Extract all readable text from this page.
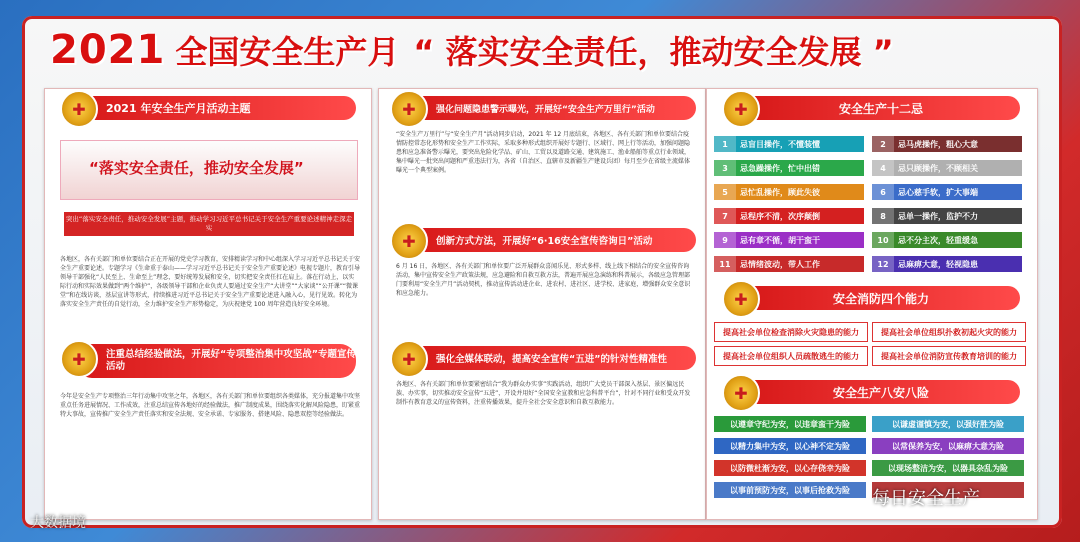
2021 全国安全生产月 “ 落实安全责任，推动安全发展 ”
2021 年安全生产月活动主题
✚
“落实安全责任，推动安全发展”
突出“落实安全责任，推动安全发展”主题，推动学习习近平总书记关于安全生产重要论述精神走深走实
各地区，各有关部门和单位要结合正在开展的党史学习教育，安排精读学习和中心组深入学习习近平总书记关于安全生产重要论述。专题学习《生命重于泰山——学习习近平总书记关于安全生产重要论述》电视专题片，教育引导领导干部强化“人民至上、生命至上”理念，要好统筹发展和安全，切实把安全责任扛在肩上。落在行动上，以实际行动和实际效果做到“两个维护”，各级领导干部和企业负责人要通过安全生产“大讲堂”“大家谈”“公开课”“微课堂”和在线访谈，基层宣讲等形式，持续推进习近平总书记关于安全生产重要论述进入融入心，见行见效。转化为落实安全生产责任的自觉行动，全力维护安全生产形势稳定，为庆祝建党 100 周年营造良好安全环境。
注重总结经验做法，开展好“专项整治集中攻坚战”专题宣传活动
✚
今年是安全生产专项整治三年行动集中攻坚之年，各地区，各有关部门和单位要组织各类媒体，充分报道集中攻坚重点任务进展情况、工作成效，注重总结宣传各地好的经验做法，推广制度成果，围绕落实化解风险隐患，盯紧重特大事故，宣传推广安全生产责任落实和安全法规、安全承诺、专家服务、搭建风险、隐患双控等经验做法。
强化问题隐患警示曝光，开展好“安全生产万里行”活动
✚
“安全生产万里行”与“安全生产月”活动同步启动，2021 年 12 月底结束，各地区、各有关部门和单位要结合疫情防控常态化形势和安全生产工作实际，采取多种形式组织开展好专题行、区域行、网上行等活动，加强问题隐患和应急准备警示曝光，要突出危险化学品、矿山、工贸以及道路交通、建筑施工、渔业船舶等重点行业领域，集中曝光一批突出问题和严重违法行为，各省（自治区、直辖市及新疆生产建设兵团）每月至少在省级主流媒体曝光一个典型案例。
创新方式方法，开展好“6·16安全宣传咨询日”活动
✚
6 月 16 日，各地区、各有关部门和单位要广泛开展群众喜闻乐见、形式多样、线上线下相结合的安全宣传咨询活动，集中宣传安全生产政策法规，应急避险和自救互救方法，普遍开展应急演练和科普展示，各级应急管理部门要利用“安全生产月”活动契机，推动宣传活动进企业、进农村、进社区、进学校、进家庭，增强群众安全意识和应急能力。
强化全媒体联动，提高安全宣传“五进”的针对性精准性
✚
各地区、各有关部门和单位要紧密结合“我为群众办实事”实践活动，组织广大党员干部深入基层、景区偏远民族、办实事，切实推动安全宣传“五进”，开设并用好“全国安全宣教和应急科普平台”，针对不同行业和受众开发制作有教育意义的宣传资料，注重传播效果，提升全社会安全意识和自救互救能力。
安全生产十二忌
✚
1	忌盲目操作，不懂装懂	2	忌马虎操作，粗心大意
3	忌急躁操作，忙中出错	4	忌只顾操作，不顾相关
5	忌忙乱操作，顾此失彼	6	忌心慈手软，扩大事端
7	忌程序不清，次序颠倒	8	忌单一操作，监护不力
9	忌有章不循，胡干蛮干	10	忌不分主次，轻重缓急
11	忌情绪波动，带人工作	12	忌麻痹大意，轻视隐患
安全消防四个能力
✚
提高社会单位检查消除火灾隐患的能力	提高社会单位组织扑救初起火灾的能力
提高社会单位组织人员疏散逃生的能力	提高社会单位消防宣传教育培训的能力
安全生产八安八险
✚
以遵章守纪为安，以违章蛮干为险	以谦虚谨慎为安，以强好胜为险
以精力集中为安，以心神不定为险	以常保养为安，以麻痹大意为险
以防微杜渐为安，以心存侥幸为险	以现场整洁为安，以器具杂乱为险
以事前预防为安，以事后抢救为险
大数据境
每日安全生产
